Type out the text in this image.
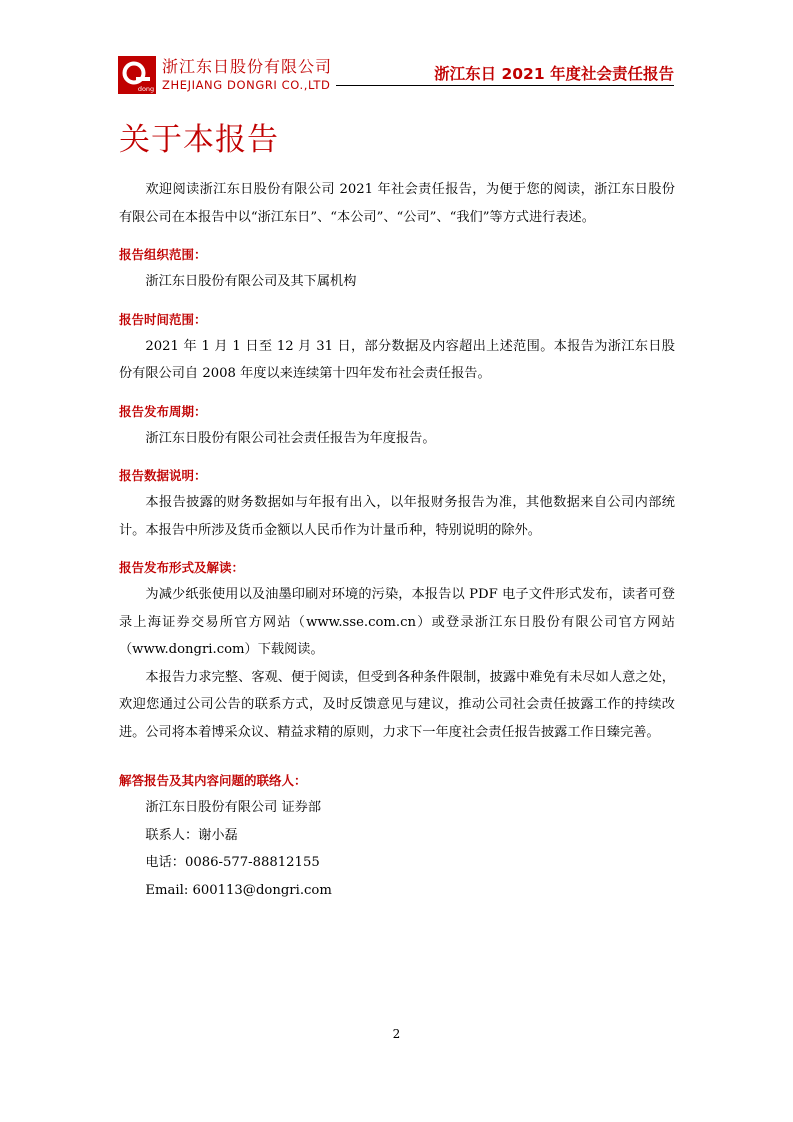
dong
浙江东日股份有限公司
ZHEJIANG DONGRI CO.,LTD
浙江东日 2021 年度社会责任报告
关于本报告

欢迎阅读浙江东日股份有限公司 2021 年社会责任报告，为便于您的阅读，浙江东日股份有限公司在本报告中以“浙江东日”、“本公司”、“公司”、“我们”等方式进行表述。

报告组织范围：

浙江东日股份有限公司及其下属机构

报告时间范围：

2021 年 1 月 1 日至 12 月 31 日，部分数据及内容超出上述范围。本报告为浙江东日股份有限公司自 2008 年度以来连续第十四年发布社会责任报告。

报告发布周期：

浙江东日股份有限公司社会责任报告为年度报告。

报告数据说明：

本报告披露的财务数据如与年报有出入，以年报财务报告为准，其他数据来自公司内部统计。本报告中所涉及货币金额以人民币作为计量币种，特别说明的除外。

报告发布形式及解读：

为减少纸张使用以及油墨印刷对环境的污染，本报告以 PDF 电子文件形式发布，读者可登录上海证券交易所官方网站（www.sse.com.cn）或登录浙江东日股份有限公司官方网站（www.dongri.com）下载阅读。

本报告力求完整、客观、便于阅读，但受到各种条件限制，披露中难免有未尽如人意之处，欢迎您通过公司公告的联系方式，及时反馈意见与建议，推动公司社会责任披露工作的持续改进。公司将本着博采众议、精益求精的原则，力求下一年度社会责任报告披露工作日臻完善。

解答报告及其内容问题的联络人：

浙江东日股份有限公司 证券部

联系人：谢小磊

电话：0086-577-88812155

Email: 600113@dongri.com

2
